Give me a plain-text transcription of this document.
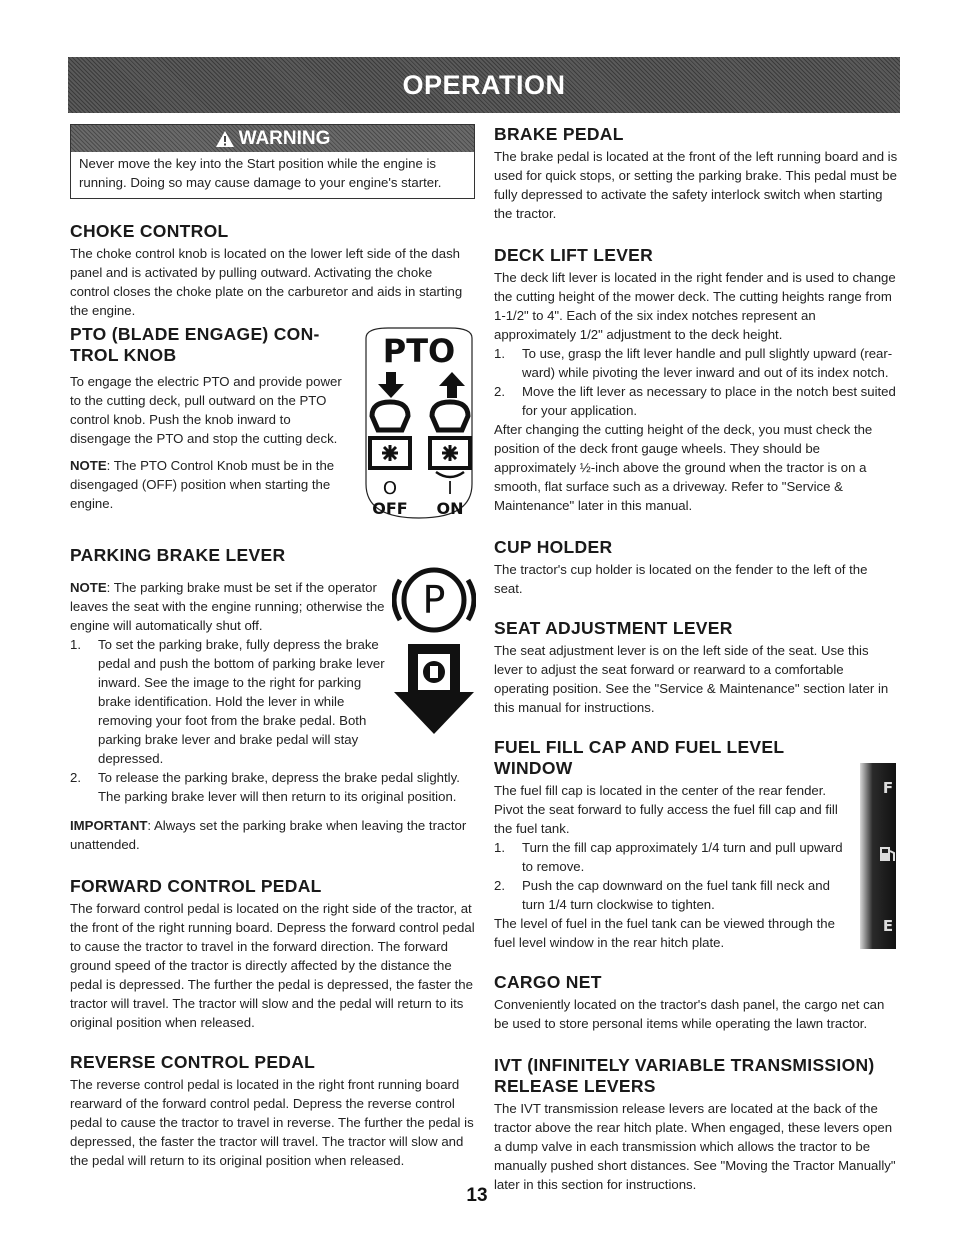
OPERATION
WARNING

Never move the key into the Start position while the engine is running. Doing so may cause damage to your engine's starter.

CHOKE CONTROL

The choke control knob is located on the lower left side of the dash panel and is activated by pulling outward. Activating the choke control closes the choke plate on the carburetor and aids in starting the engine.

PTO (BLADE ENGAGE) CON- TROL KNOB

To engage the electric PTO and provide power to the cutting deck, pull outward on the PTO control knob. Push the knob inward to disengage the PTO and stop the cutting deck.

NOTE: The PTO Control Knob must be in the disengaged (OFF) position when starting the engine.

PTO
O	I
OFF ON
PARKING BRAKE LEVER

NOTE: The parking brake must be set if the operator leaves the seat with the engine running; otherwise the engine will automatically shut off.

1. To set the parking brake, fully depress the brake pedal and push the bottom of parking brake lever inward. See the image to the right for parking brake identification. Hold the lever in while removing your foot from the brake pedal. Both parking brake lever and brake pedal will stay depressed.
2. To release the parking brake, depress the brake pedal slightly. The parking brake lever will then return to its original position.
P

IMPORTANT: Always set the parking brake when leaving the tractor unattended.

FORWARD CONTROL PEDAL

The forward control pedal is located on the right side of the tractor, at the front of the right running board. Depress the forward control pedal to cause the tractor to travel in the forward direction. The forward ground speed of the tractor is directly affected by the distance the pedal is depressed. The further the pedal is depressed, the faster the tractor will travel. The tractor will slow and the pedal will return to its original position when released.

REVERSE CONTROL PEDAL

The reverse control pedal is located in the right front running board rearward of the forward control pedal. Depress the reverse control pedal to cause the tractor to travel in reverse. The further the pedal is depressed, the faster the tractor will travel. The tractor will slow and the pedal will return to its original position when released.

BRAKE PEDAL

The brake pedal is located at the front of the left running board and is used for quick stops, or setting the parking brake. This pedal must be fully depressed to activate the safety interlock switch when starting the tractor.

DECK LIFT LEVER

The deck lift lever is located in the right fender and is used to change the cutting height of the mower deck. The cutting heights range from 1-1/2" to 4". Each of the six index notches represent an approximately 1/2" adjustment to the deck height.

1. To use, grasp the lift lever handle and pull slightly upward (rear- ward) while pivoting the lever inward and out of its index notch.
2. Move the lift lever as necessary to place in the notch best suited for your application.

After changing the cutting height of the deck, you must check the position of the deck front gauge wheels. They should be approximately ½-inch above the ground when the tractor is on a smooth, flat surface such as a driveway. Refer to "Service & Maintenance" later in this manual.

CUP HOLDER

The tractor's cup holder is located on the fender to the left of the seat.

SEAT ADJUSTMENT LEVER

The seat adjustment lever is on the left side of the seat. Use this lever to adjust the seat forward or rearward to a comfortable operating position. See the "Service & Maintenance" section later in this manual for instructions.

FUEL FILL CAP AND FUEL LEVEL WINDOW

The fuel fill cap is located in the center of the rear fender. Pivot the seat forward to fully access the fuel fill cap and fill the fuel tank.

1. Turn the fill cap approximately 1/4 turn and pull upward to remove.
2. Push the cap downward on the fuel tank fill neck and turn 1/4 turn clockwise to tighten.

The level of fuel in the fuel tank can be viewed through the fuel level window in the rear hitch plate.

F
E
CARGO NET

Conveniently located on the tractor's dash panel, the cargo net can be used to store personal items while operating the lawn tractor.

IVT (INFINITELY VARIABLE TRANSMISSION) RELEASE LEVERS

The IVT transmission release levers are located at the back of the tractor above the rear hitch plate. When engaged, these levers open a dump valve in each transmission which allows the tractor to be manually pushed short distances. See "Moving the Tractor Manually" later in this section for instructions.

13
